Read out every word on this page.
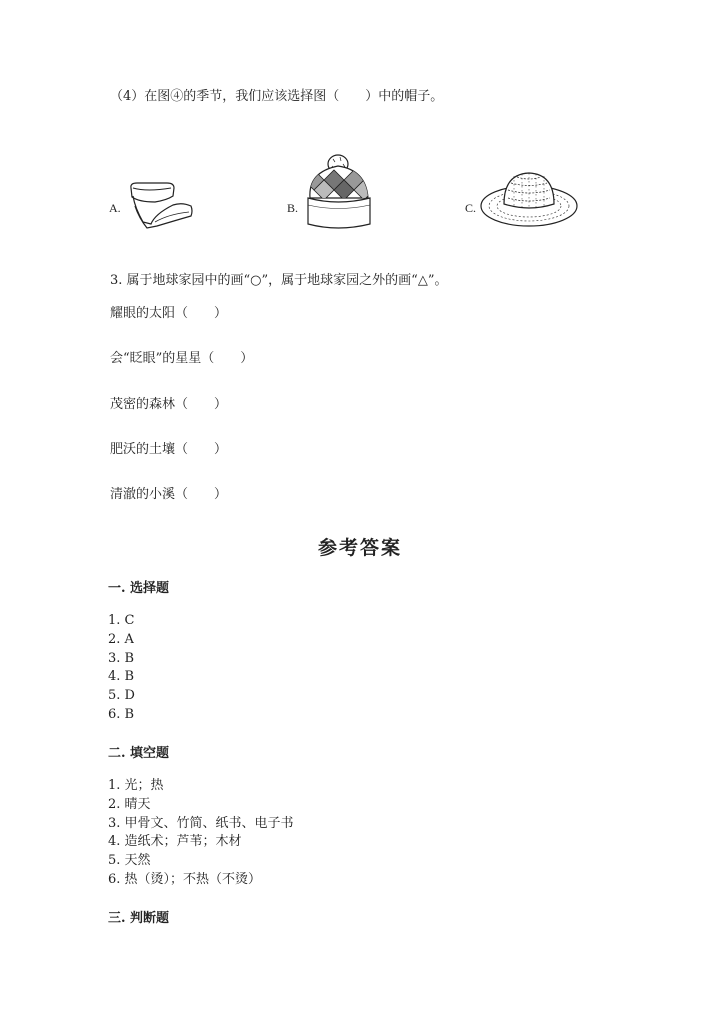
（4）在图④的季节，我们应该选择图（　　）中的帽子。
A.	B.	C.
3. 属于地球家园中的画“○”，属于地球家园之外的画“△”。
耀眼的太阳（　　）
会“眨眼”的星星（　　）
茂密的森林（　　）
肥沃的土壤（　　）
清澈的小溪（　　）
参考答案
一. 选择题
1. C
2. A
3. B
4. B
5. D
6. B
二. 填空题
1. 光；热
2. 晴天
3. 甲骨文、竹简、纸书、电子书
4. 造纸术；芦苇；木材
5. 天然
6. 热（烫）；不热（不烫）
三. 判断题
